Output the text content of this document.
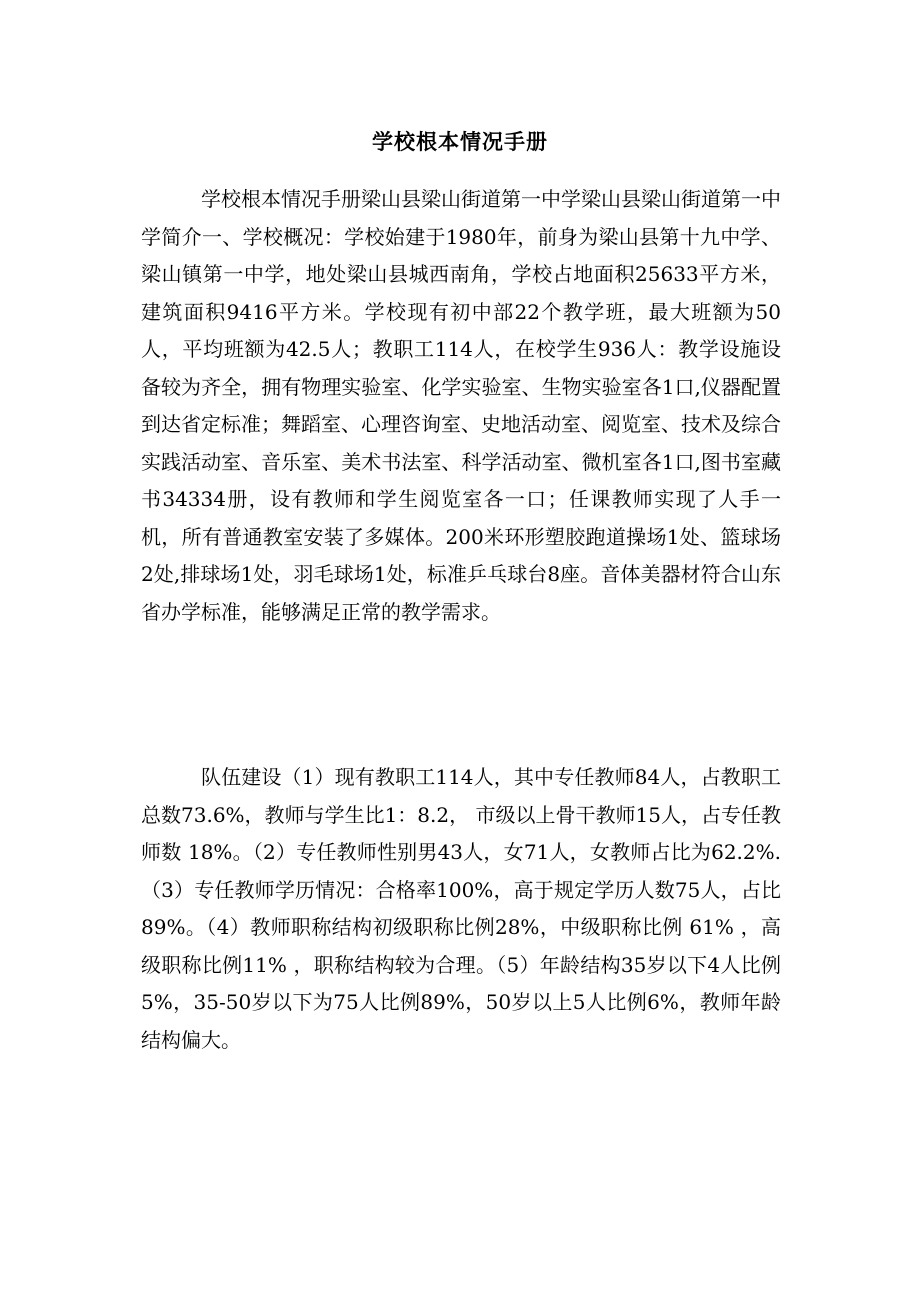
学校根本情况手册

学校根本情况手册梁山县梁山街道第一中学梁山县梁山街道第一中学简介一、学校概况：学校始建于1980年，前身为梁山县第十九中学、梁山镇第一中学，地处梁山县城西南角，学校占地面积25633平方米，建筑面积9416平方米。学校现有初中部22个教学班，最大班额为50人，平均班额为42.5人；教职工114人，在校学生936人：教学设施设备较为齐全，拥有物理实验室、化学实验室、生物实验室各1口,仪器配置到达省定标准；舞蹈室、心理咨询室、史地活动室、阅览室、技术及综合实践活动室、音乐室、美术书法室、科学活动室、微机室各1口,图书室藏书34334册，设有教师和学生阅览室各一口；任课教师实现了人手一机，所有普通教室安装了多媒体。200米环形塑胶跑道操场1处、篮球场2处,排球场1处，羽毛球场1处，标准乒乓球台8座。音体美器材符合山东省办学标准，能够满足正常的教学需求。

队伍建设（1）现有教职工114人，其中专任教师84人，占教职工总数73.6%，教师与学生比1：8.2， 市级以上骨干教师15人，占专任教师数 18%。（2）专任教师性别男43人，女71人，女教师占比为62.2%.（3）专任教师学历情况：合格率100%，高于规定学历人数75人，占比89%。（4）教师职称结构初级职称比例28%，中级职称比例 61% ，高级职称比例11% ，职称结构较为合理。（5）年龄结构35岁以下4人比例5%，35-50岁以下为75人比例89%，50岁以上5人比例6%，教师年龄结构偏大。
